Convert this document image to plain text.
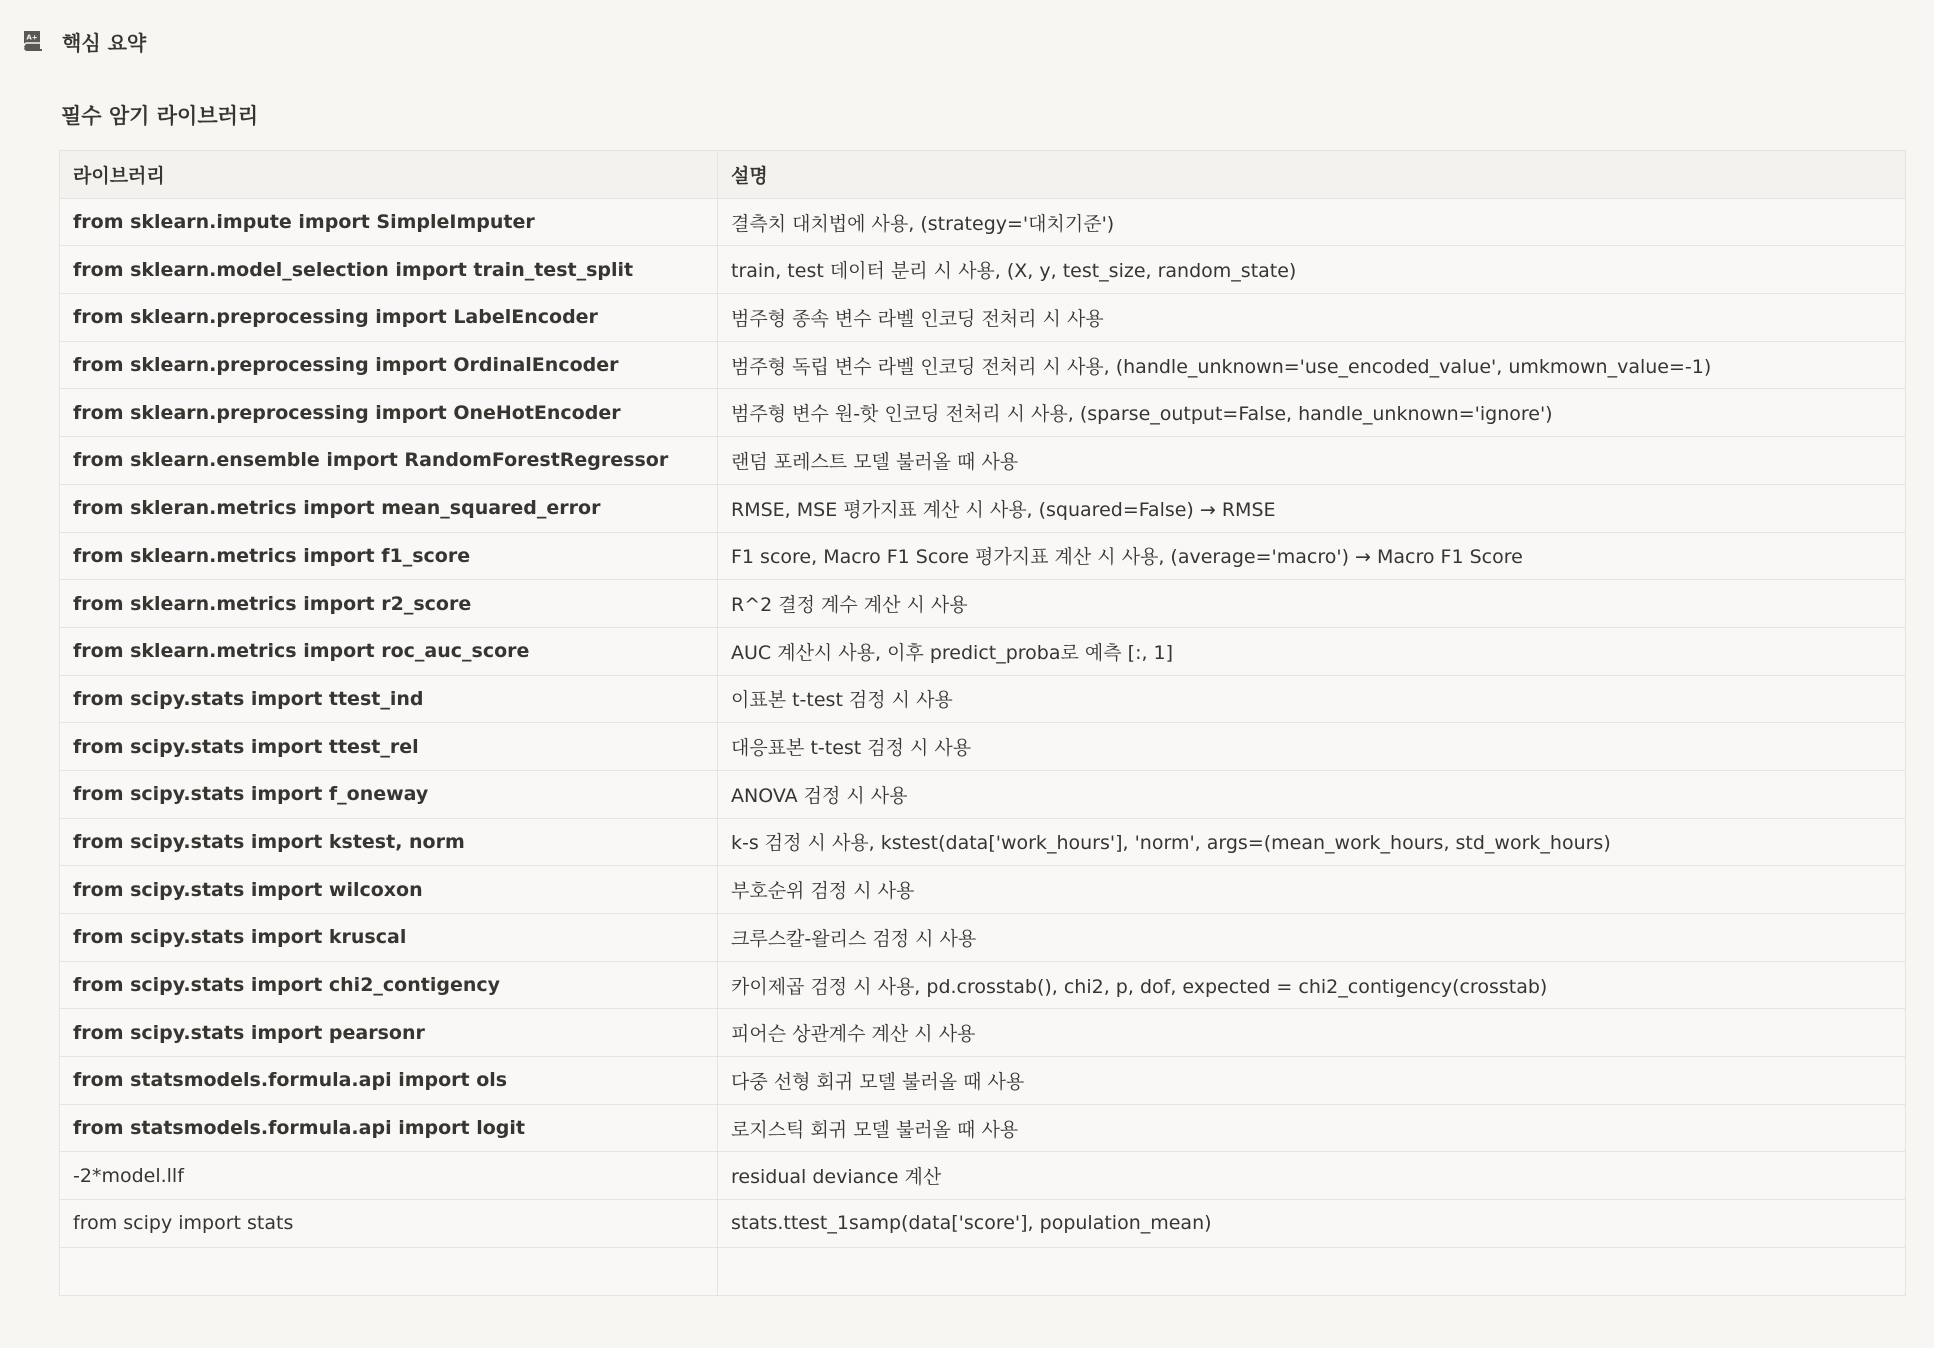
A+ 핵심 요약
필수 암기 라이브러리
라이브러리	설명
from sklearn.impute import SimpleImputer	결측치 대치법에 사용, (strategy='대치기준')
from sklearn.model_selection import train_test_split	train, test 데이터 분리 시 사용, (X, y, test_size, random_state)
from sklearn.preprocessing import LabelEncoder	범주형 종속 변수 라벨 인코딩 전처리 시 사용
from sklearn.preprocessing import OrdinalEncoder	범주형 독립 변수 라벨 인코딩 전처리 시 사용, (handle_unknown='use_encoded_value', umkmown_value=-1)
from sklearn.preprocessing import OneHotEncoder	범주형 변수 원-핫 인코딩 전처리 시 사용, (sparse_output=False, handle_unknown='ignore')
from sklearn.ensemble import RandomForestRegressor	랜덤 포레스트 모델 불러올 때 사용
from skleran.metrics import mean_squared_error	RMSE, MSE 평가지표 계산 시 사용, (squared=False) → RMSE
from sklearn.metrics import f1_score	F1 score, Macro F1 Score 평가지표 계산 시 사용, (average='macro') → Macro F1 Score
from sklearn.metrics import r2_score	R^2 결정 계수 계산 시 사용
from sklearn.metrics import roc_auc_score	AUC 계산시 사용, 이후 predict_proba로 예측 [:, 1]
from scipy.stats import ttest_ind	이표본 t-test 검정 시 사용
from scipy.stats import ttest_rel	대응표본 t-test 검정 시 사용
from scipy.stats import f_oneway	ANOVA 검정 시 사용
from scipy.stats import kstest, norm	k-s 검정 시 사용, kstest(data['work_hours'], 'norm', args=(mean_work_hours, std_work_hours)
from scipy.stats import wilcoxon	부호순위 검정 시 사용
from scipy.stats import kruscal	크루스칼-왈리스 검정 시 사용
from scipy.stats import chi2_contigency	카이제곱 검정 시 사용, pd.crosstab(), chi2, p, dof, expected = chi2_contigency(crosstab)
from scipy.stats import pearsonr	피어슨 상관계수 계산 시 사용
from statsmodels.formula.api import ols	다중 선형 회귀 모델 불러올 때 사용
from statsmodels.formula.api import logit	로지스틱 회귀 모델 불러올 때 사용
-2*model.llf	residual deviance 계산
from scipy import stats	stats.ttest_1samp(data['score'], population_mean)
